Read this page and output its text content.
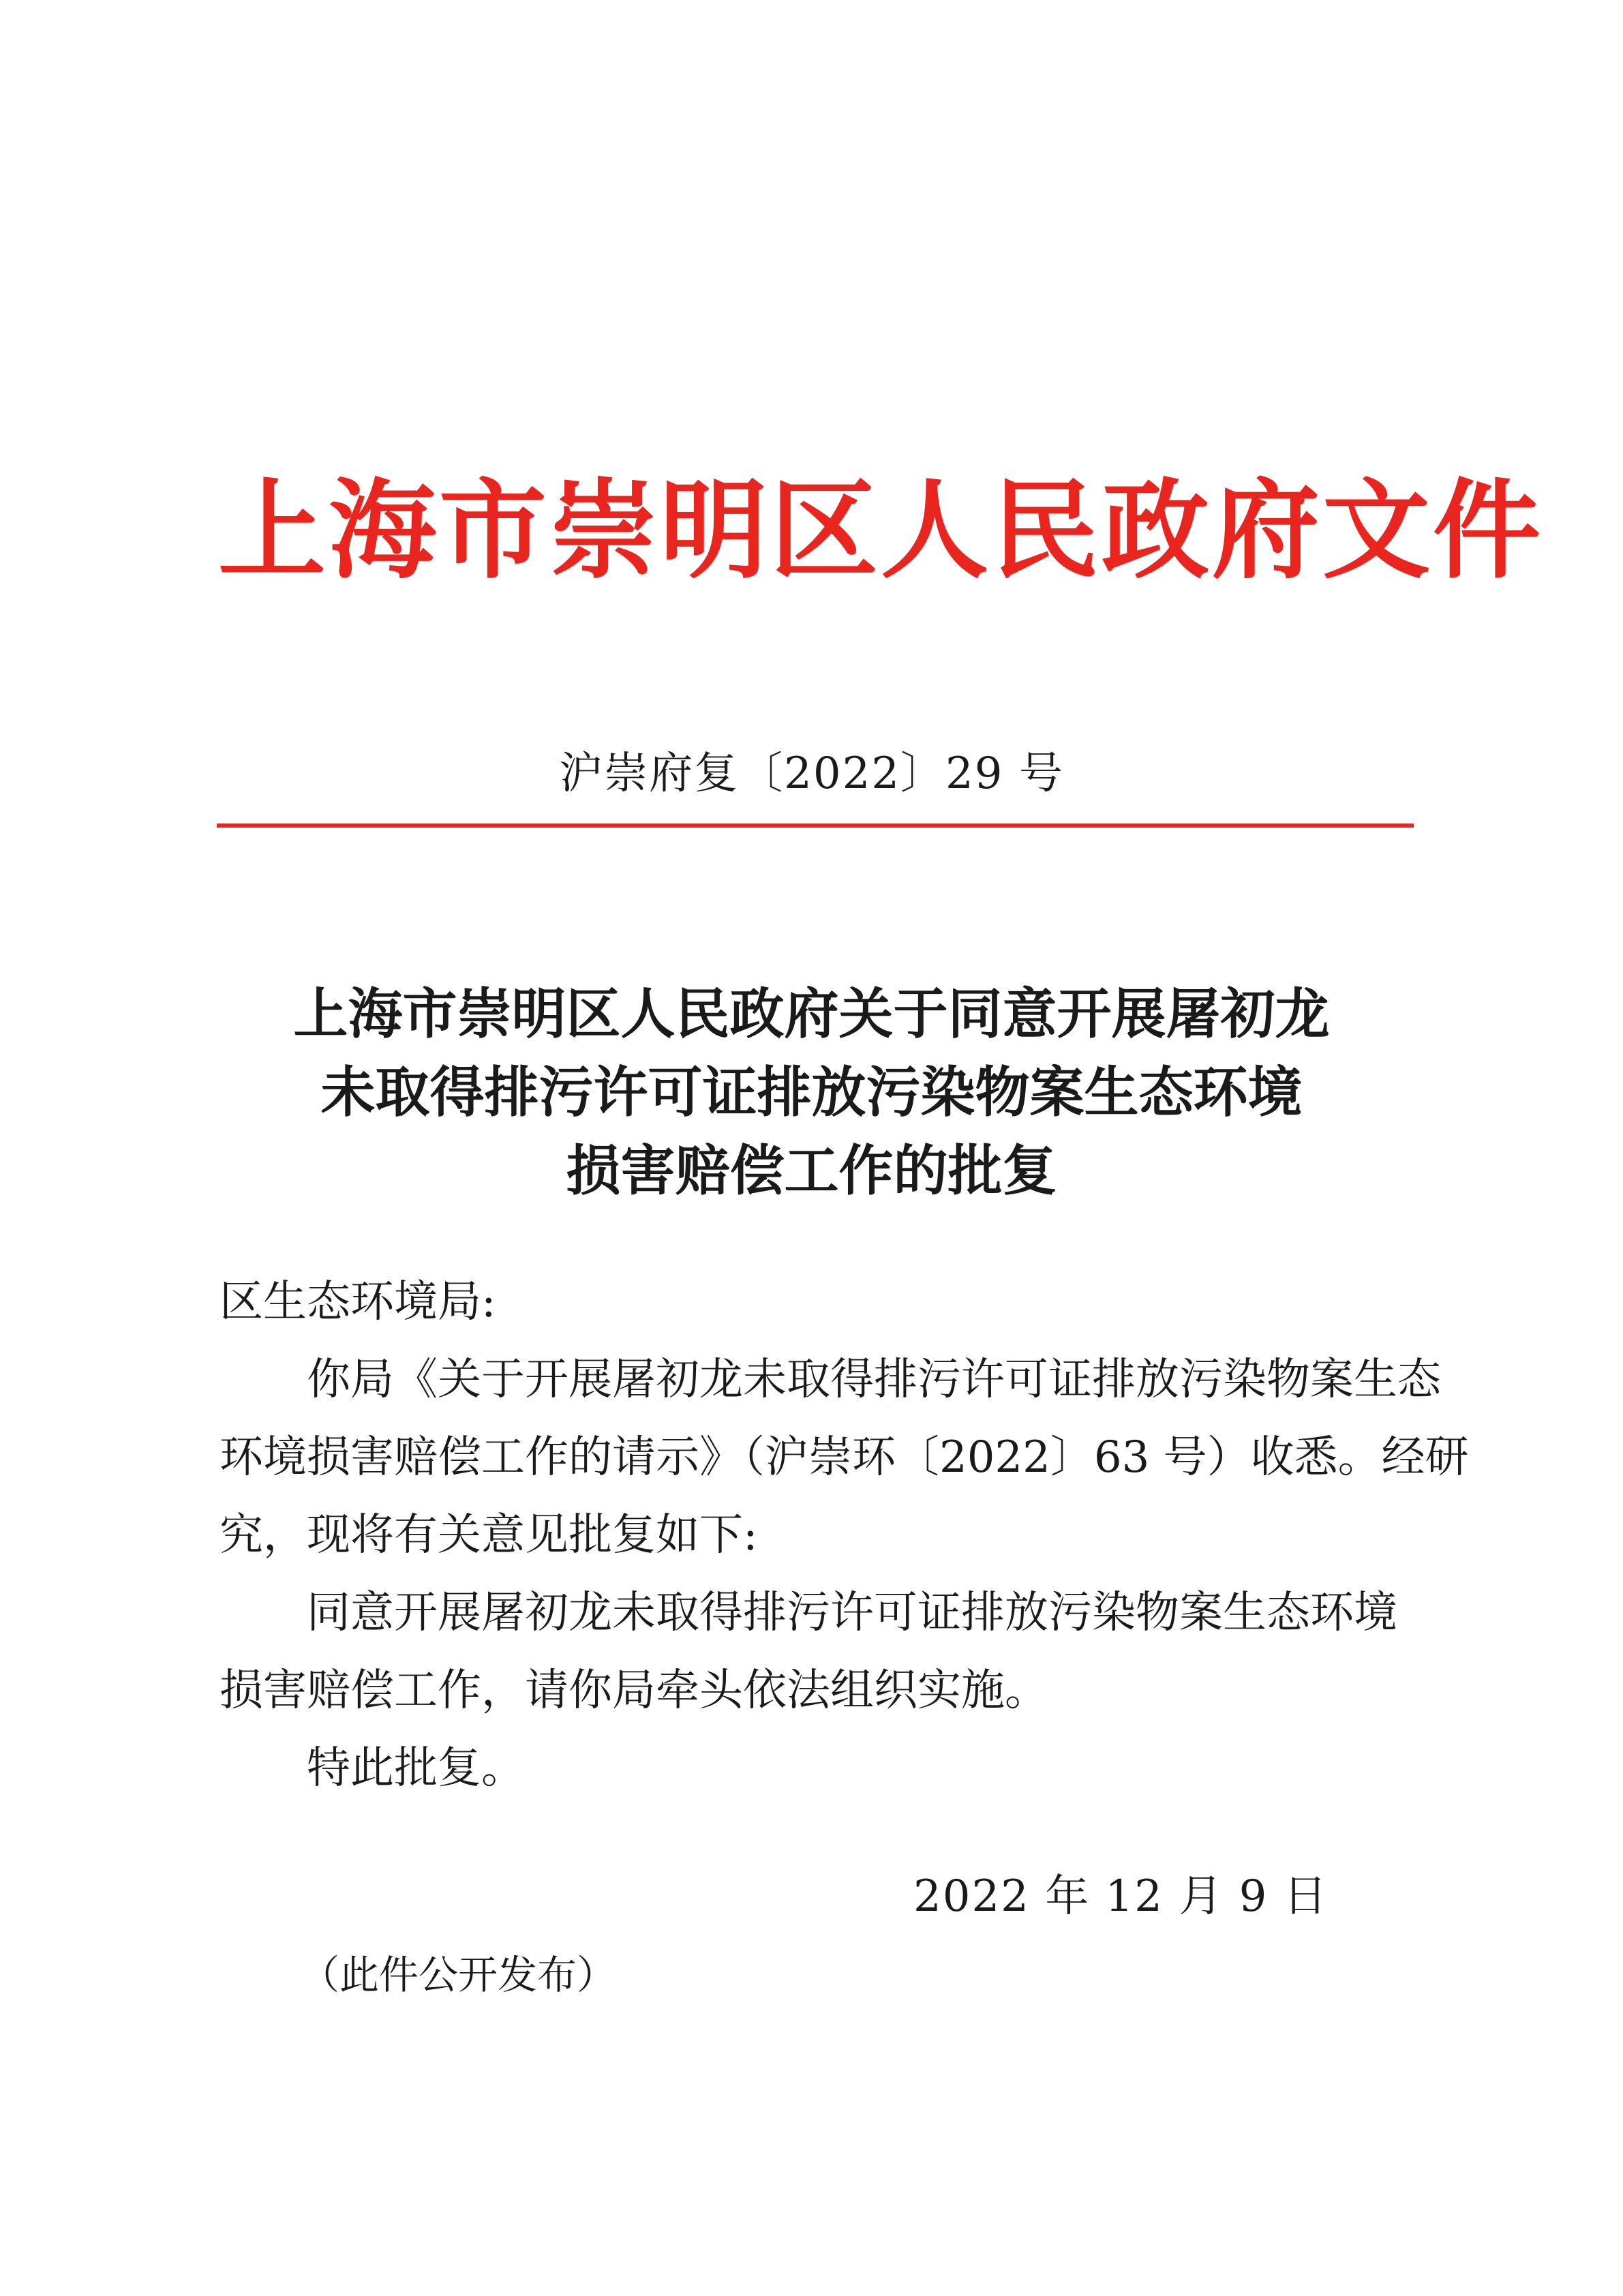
上海市崇明区人民政府文件
沪崇府复〔2022〕29 号
上海市崇明区人民政府关于同意开展屠初龙
未取得排污许可证排放污染物案生态环境
损害赔偿工作的批复
区生态环境局:
你局《关于开展屠初龙未取得排污许可证排放污染物案生态
环境损害赔偿工作的请示》（沪崇环〔2022〕63 号）收悉。经研
究，现将有关意见批复如下:
同意开展屠初龙未取得排污许可证排放污染物案生态环境
损害赔偿工作，请你局牵头依法组织实施。
特此批复。
2022 年 12 月 9 日
（此件公开发布）
